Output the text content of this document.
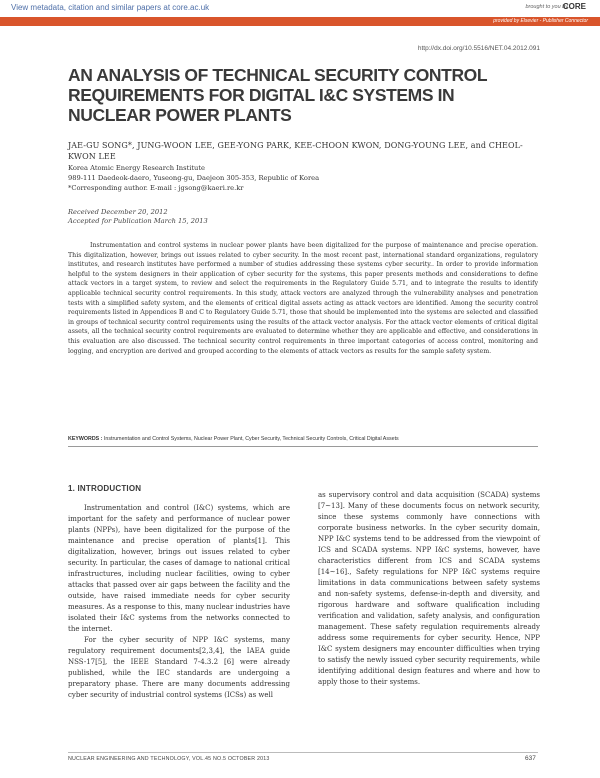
View metadata, citation and similar papers at core.ac.uk	brought to you by
CORE
provided by Elsevier - Publisher Connector
http://dx.doi.org/10.5516/NET.04.2012.091
AN ANALYSIS OF TECHNICAL SECURITY CONTROL REQUIREMENTS FOR DIGITAL I&C SYSTEMS IN NUCLEAR POWER PLANTS
JAE-GU SONG*, JUNG-WOON LEE, GEE-YONG PARK, KEE-CHOON KWON, DONG-YOUNG LEE, and CHEOL-KWON LEE
Korea Atomic Energy Research Institute
989-111 Daedeok-daero, Yuseong-gu, Daejeon 305-353, Republic of Korea
*Corresponding author. E-mail : jgsong@kaeri.re.kr
Received December 20, 2012
Accepted for Publication March 15, 2013

Instrumentation and control systems in nuclear power plants have been digitalized for the purpose of maintenance and precise operation. This digitalization, however, brings out issues related to cyber security. In the most recent past, international standard organizations, regulatory institutes, and research institutes have performed a number of studies addressing these systems cyber security.. In order to provide information helpful to the system designers in their application of cyber security for the systems, this paper presents methods and considerations to define attack vectors in a target system, to review and select the requirements in the Regulatory Guide 5.71, and to integrate the results to identify applicable technical security control requirements. In this study, attack vectors are analyzed through the vulnerability analyses and penetration tests with a simplified safety system, and the elements of critical digital assets acting as attack vectors are identified. Among the security control requirements listed in Appendices B and C to Regulatory Guide 5.71, those that should be implemented into the systems are selected and classified in groups of technical security control requirements using the results of the attack vector analysis. For the attack vector elements of critical digital assets, all the technical security control requirements are evaluated to determine whether they are applicable and effective, and considerations in this evaluation are also discussed. The technical security control requirements in three important categories of access control, monitoring and logging, and encryption are derived and grouped according to the elements of attack vectors as results for the sample safety system.

KEYWORDS : Instrumentation and Control Systems, Nuclear Power Plant, Cyber Security, Technical Security Controls, Critical Digital Assets
1. INTRODUCTION

Instrumentation and control (I&C) systems, which are important for the safety and performance of nuclear power plants (NPPs), have been digitalized for the purpose of the maintenance and precise operation of plants[1]. This digitalization, however, brings out issues related to cyber security. In particular, the cases of damage to national critical infrastructures, including nuclear facilities, owing to cyber attacks that passed over air gaps between the facility and the outside, have raised immediate needs for cyber security measures. As a response to this, many nuclear industries have isolated their I&C systems from the networks connected to the internet.

For the cyber security of NPP I&C systems, many regulatory requirement documents[2,3,4], the IAEA guide NSS-17[5], the IEEE Standard 7-4.3.2 [6] were already published, while the IEC standards are undergoing a preparatory phase. There are many documents addressing cyber security of industrial control systems (ICSs) as well

as supervisory control and data acquisition (SCADA) systems [7~13]. Many of these documents focus on network security, since these systems commonly have connections with corporate business networks. In the cyber security domain, NPP I&C systems tend to be addressed from the viewpoint of ICS and SCADA systems. NPP I&C systems, however, have characteristics different from ICS and SCADA systems [14~16]., Safety regulations for NPP I&C systems require limitations in data communications between safety systems and non-safety systems, defense-in-depth and diversity, and rigorous hardware and software qualification including verification and validation, safety analysis, and configuration management. These safety regulation requirements already address some requirements for cyber security. Hence, NPP I&C system designers may encounter difficulties when trying to satisfy the newly issued cyber security requirements, while identifying additional design features and where and how to apply those to their systems.

NUCLEAR ENGINEERING AND TECHNOLOGY, VOL.45 NO.5 OCTOBER 2013	637
